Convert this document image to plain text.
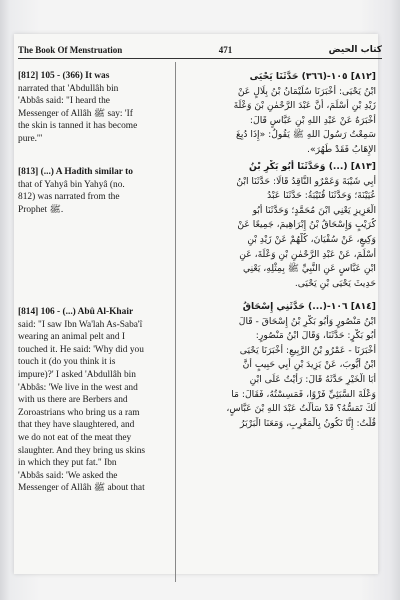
The Book Of Menstruation	471	كتاب الحيض
[812] 105 - (366) It was
narrated that 'Abdullâh bin
'Abbâs said: "I heard the
Messenger of Allâh ﷺ say: 'If
the skin is tanned it has become
pure.'"
[٨١٢] ١٠٥-(٣٦٦) حَدَّثَنَا يَحْيَى
ابْنُ يَحْيَى: أَخْبَرَنَا سُلَيْمَانُ بْنُ بِلَالٍ عَنْ
زَيْدِ بْنِ أَسْلَمَ، أَنَّ عَبْدَ الرَّحْمٰنِ بْنَ وَعْلَةَ
أَخْبَرَهُ عَنْ عَبْدِ اللهِ بْنِ عَبَّاسٍ قَالَ:
سَمِعْتُ رَسُولَ اللهِ ﷺ يَقُولُ: «إِذَا دُبِغَ
الإِهَابُ فَقَدْ طَهُرَ».
[813] (...) A Hadîth similar to
that of Yahyâ bin Yahyâ (no.
812) was narrated from the
Prophet ﷺ.
[٨١٣] (...) وَحَدَّثَنَا أَبُو بَكْرِ بْنُ
أَبِي شَيْبَةَ وَعَمْرٌو النَّاقِدُ قَالَا: حَدَّثَنَا ابْنُ
عُيَيْنَةَ؛ وَحَدَّثَنَا قُتَيْبَةُ: حَدَّثَنَا عَبْدُ
الْعَزِيزِ يَعْنِي ابْنَ مُحَمَّدٍ؛ وَحَدَّثَنَا أَبُو
كُرَيْبٍ وَإِسْحَاقُ بْنُ إِبْرَاهِيمَ، جَمِيعًا عَنْ
وَكِيعٍ، عَنْ سُفْيَانَ، كُلُّهُمْ عَنْ زَيْدِ بْنِ
أَسْلَمَ، عَنْ عَبْدِ الرَّحْمٰنِ بْنِ وَعْلَةَ، عَنِ
ابْنِ عَبَّاسٍ عَنِ النَّبِيِّ ﷺ بِمِثْلِهِ، يَعْنِي
حَدِيثَ يَحْيَى بْنِ يَحْيَى.
[814] 106 - (...) Abû Al-Khair
said: "I saw Ibn Wa'lah As-Saba'î
wearing an animal pelt and I
touched it. He said: 'Why did you
touch it (do you think it is
impure)?' I asked 'Abdullâh bin
'Abbâs: 'We live in the west and
with us there are Berbers and
Zoroastrians who bring us a ram
that they have slaughtered, and
we do not eat of the meat they
slaughter. And they bring us skins
in which they put fat." Ibn
'Abbâs said: 'We asked the
Messenger of Allâh ﷺ about that
[٨١٤] ١٠٦-(...) حَدَّثَنِي إِسْحَاقُ
ابْنُ مَنْصُورٍ وَأَبُو بَكْرِ بْنُ إِسْحَاقَ - قَالَ
أَبُو بَكْرٍ: حَدَّثَنَا، وَقَالَ ابْنُ مَنْصُورٍ:
أَخْبَرَنَا - عَمْرُو بْنُ الرَّبِيعِ: أَخْبَرَنَا يَحْيَى
ابْنُ أَيُّوبَ، عَنْ يَزِيدَ بْنِ أَبِي حَبِيبٍ أَنَّ
أَبَا الْخَيْرِ حَدَّثَهُ قَالَ: رَأَيْتُ عَلَى ابْنِ
وَعْلَةَ السَّبَئِيِّ فَرْوًا، فَمَسِسْتُهُ، فَقَالَ: مَا
لَكَ تَمَسُّهُ؟ قَدْ سَأَلْتُ عَبْدَ اللهِ بْنَ عَبَّاسٍ،
قُلْتُ: إِنَّا نَكُونُ بِالْمَغْرِبِ، وَمَعَنَا الْبَرْبَرُ
